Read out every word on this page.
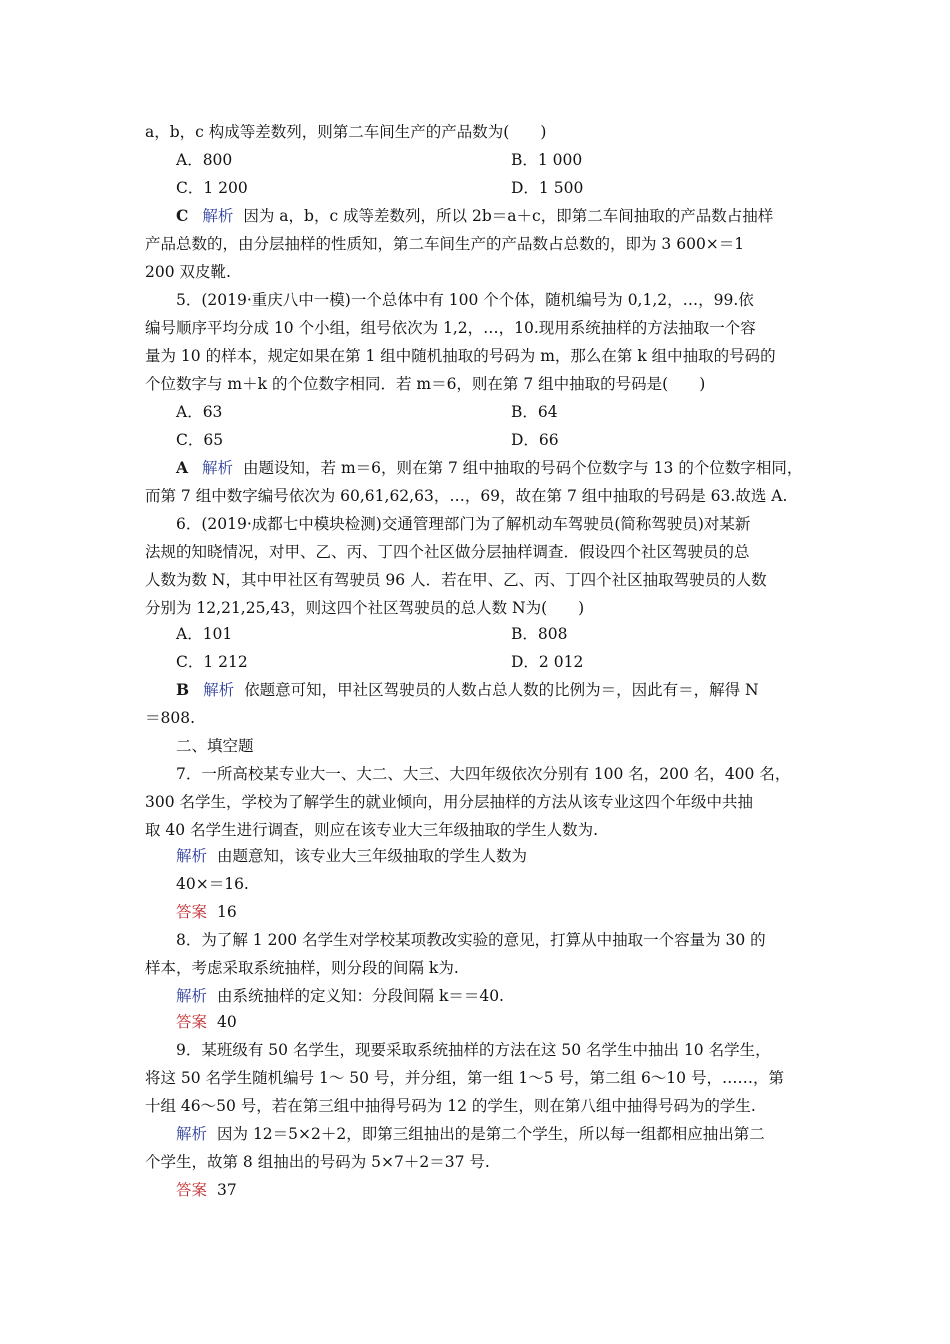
a，b，c 构成等差数列，则第二车间生产的产品数为(　　)
A．800	B．1 000
C．1 200	D．1 500
C 解析 因为 a，b，c 成等差数列，所以 2b＝a＋c，即第二车间抽取的产品数占抽样
产品总数的，由分层抽样的性质知，第二车间生产的产品数占总数的，即为 3 600×＝1
200 双皮靴.
5．(2019·重庆八中一模)一个总体中有 100 个个体，随机编号为 0,1,2，…，99.依
编号顺序平均分成 10 个小组，组号依次为 1,2，…，10.现用系统抽样的方法抽取一个容
量为 10 的样本，规定如果在第 1 组中随机抽取的号码为 m，那么在第 k 组中抽取的号码的
个位数字与 m＋k 的个位数字相同．若 m＝6，则在第 7 组中抽取的号码是(　　)
A．63	B．64
C．65	D．66
A 解析 由题设知，若 m＝6，则在第 7 组中抽取的号码个位数字与 13 的个位数字相同，
而第 7 组中数字编号依次为 60,61,62,63，…，69，故在第 7 组中抽取的号码是 63.故选 A.
6．(2019·成都七中模块检测)交通管理部门为了解机动车驾驶员(简称驾驶员)对某新
法规的知晓情况，对甲、乙、丙、丁四个社区做分层抽样调查．假设四个社区驾驶员的总
人数为数 N，其中甲社区有驾驶员 96 人．若在甲、乙、丙、丁四个社区抽取驾驶员的人数
分别为 12,21,25,43，则这四个社区驾驶员的总人数 N为(　　)
A．101	B．808
C．1 212	D．2 012
B 解析 依题意可知，甲社区驾驶员的人数占总人数的比例为＝，因此有＝，解得 N
＝808.
二、填空题
7．一所高校某专业大一、大二、大三、大四年级依次分别有 100 名，200 名，400 名，
300 名学生，学校为了解学生的就业倾向，用分层抽样的方法从该专业这四个年级中共抽
取 40 名学生进行调查，则应在该专业大三年级抽取的学生人数为.
解析 由题意知，该专业大三年级抽取的学生人数为
40×＝16.
答案 16
8．为了解 1 200 名学生对学校某项教改实验的意见，打算从中抽取一个容量为 30 的
样本，考虑采取系统抽样，则分段的间隔 k为.
解析 由系统抽样的定义知：分段间隔 k＝＝40.
答案 40
9．某班级有 50 名学生，现要采取系统抽样的方法在这 50 名学生中抽出 10 名学生，
将这 50 名学生随机编号 1～ 50 号，并分组，第一组 1～5 号，第二组 6～10 号，……，第
十组 46～50 号，若在第三组中抽得号码为 12 的学生，则在第八组中抽得号码为的学生.
解析 因为 12＝5×2＋2，即第三组抽出的是第二个学生，所以每一组都相应抽出第二
个学生，故第 8 组抽出的号码为 5×7＋2＝37 号.
答案 37
